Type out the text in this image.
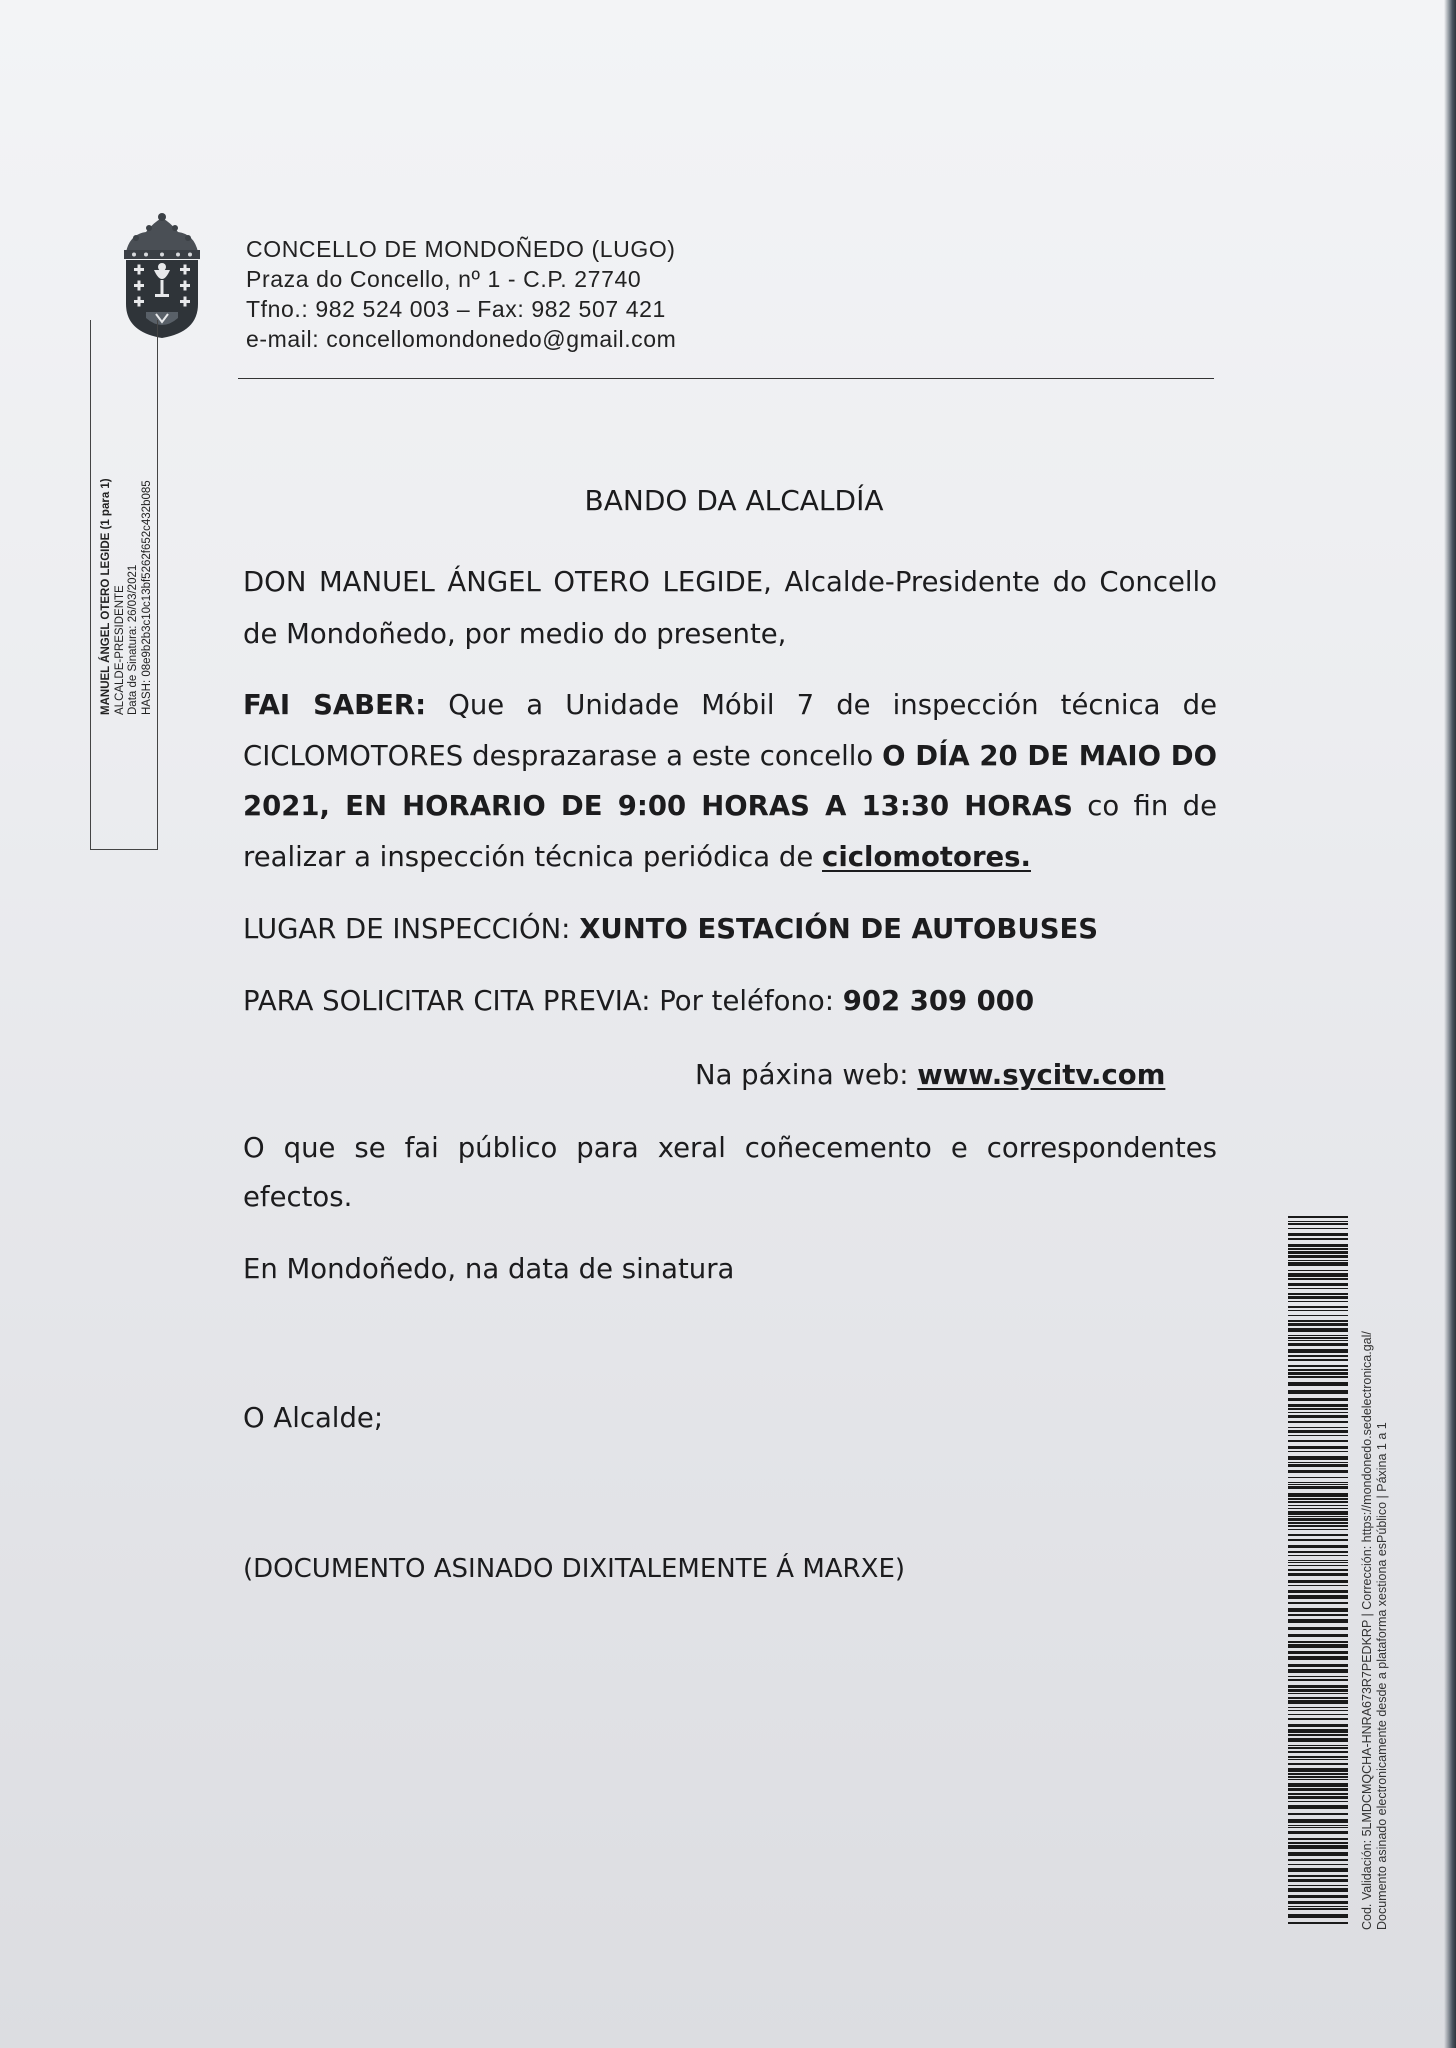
CONCELLO DE MONDOÑEDO (LUGO)
Praza do Concello, nº 1 - C.P. 27740
Tfno.: 982 524 003 – Fax: 982 507 421
e-mail: concellomondonedo@gmail.com
MANUEL ÁNGEL OTERO LEGIDE (1 para 1) ALCALDE-PRESIDENTE Data de Sinatura: 26/03/2021 HASH: 08e9b2b3c10c13bf5262f652c432b085	BANDO DA ALCALDÍA
DON MANUEL ÁNGEL OTERO LEGIDE, Alcalde-Presidente do Concello de Mondoñedo, por medio do presente,
FAI SABER: Que a Unidade Móbil 7 de inspección técnica de CICLOMOTORES desprazarase a este concello O DÍA 20 DE MAIO DO 2021, EN HORARIO DE 9:00 HORAS A 13:30 HORAS co fin de realizar a inspección técnica periódica de ciclomotores.
LUGAR DE INSPECCIÓN: XUNTO ESTACIÓN DE AUTOBUSES
PARA SOLICITAR CITA PREVIA: Por teléfono: 902 309 000
Na páxina web: www.sycitv.com
O que se fai público para xeral coñecemento e correspondentes efectos.
En Mondoñedo, na data de sinatura
O Alcalde;
(DOCUMENTO ASINADO DIXITALEMENTE Á MARXE)	Cod. Validación: 5LMDCMQCHA-HNRA673R7PEDKRP | Corrección: https://mondonedo.sedelectronica.gal/ Documento asinado electronicamente desde a plataforma xestiona esPúblico | Páxina 1 a 1
